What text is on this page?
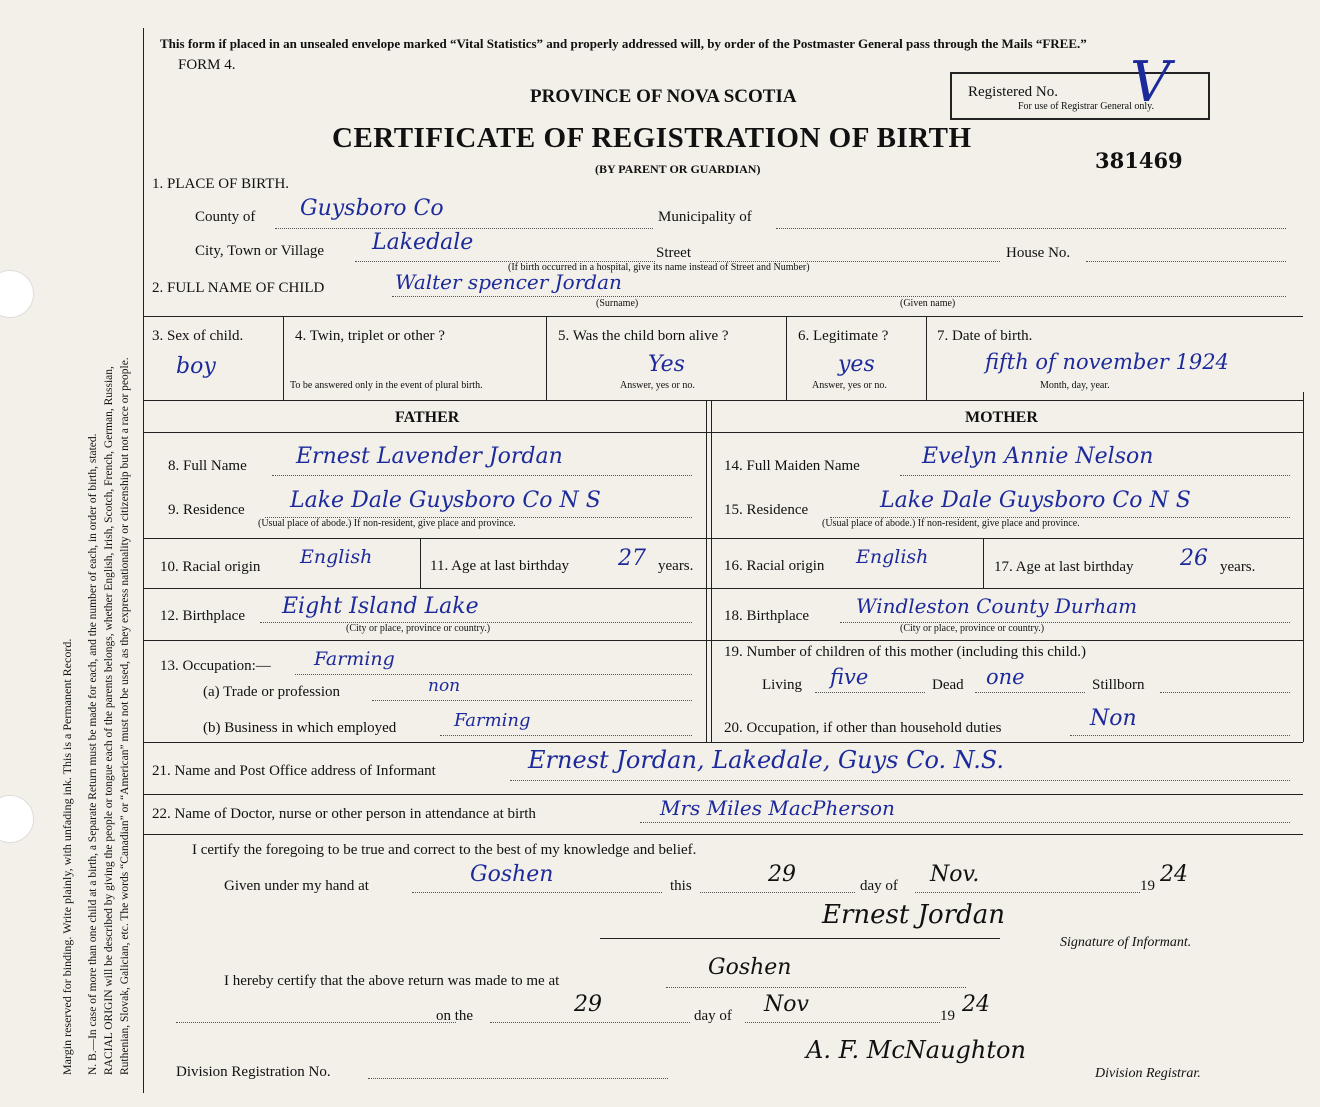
Margin reserved for binding. Write plainly, with unfading ink. This is a Permanent Record. N. B.—In case of more than one child at a birth, a Separate Return must be made for each, and the number of each, in order of birth, stated. RACIAL ORIGIN will be described by giving the people or tongue each of the parents belongs, whether English, Irish, Scotch, French, German, Russian, Ruthenian, Slovak, Galician, etc. The words “Canadian” or “American” must not be used, as they express nationality or citizenship but not a race or people.
This form if placed in an unsealed envelope marked “Vital Statistics” and properly addressed will, by order of the Postmaster General pass through the Mails “FREE.”
FORM 4.
PROVINCE OF NOVA SCOTIA
CERTIFICATE OF REGISTRATION OF BIRTH
(BY PARENT OR GUARDIAN)
Registered No.
For use of Registrar General only.
V
381469
1. PLACE OF BIRTH.
County of Guysboro Co	Municipality of
City, Town or Village Lakedale	Street	House No.
(If birth occurred in a hospital, give its name instead of Street and Number)
2. FULL NAME OF CHILD	Walter spencer Jordan
(Surname)	(Given name)
3. Sex of child.
boy
4. Twin, triplet or other ?
To be answered only in the event of plural birth.
5. Was the child born alive ?
Yes
Answer, yes or no.
6. Legitimate ?
yes
Answer, yes or no.
7. Date of birth.
fifth of november 1924
Month, day, year.
FATHER	MOTHER
8. Full Name Ernest Lavender Jordan
9. Residence Lake Dale Guysboro Co N S
(Usual place of abode.) If non-resident, give place and province.
10. Racial origin English	11. Age at last birthday 27 years.
12. Birthplace Eight Island Lake
(City or place, province or country.)
13. Occupation:— Farming
(a) Trade or profession	non
(b) Business in which employed	Farming
14. Full Maiden Name	Evelyn Annie Nelson
15. Residence	Lake Dale Guysboro Co N S
(Usual place of abode.) If non-resident, give place and province.
16. Racial origin English	17. Age at last birthday 26 years.
18. Birthplace Windleston County Durham
(City or place, province or country.)
19. Number of children of this mother (including this child.)
Living five	Dead one	Stillborn
20. Occupation, if other than household duties	Non
21. Name and Post Office address of Informant	Ernest Jordan, Lakedale, Guys Co. N.S.
22. Name of Doctor, nurse or other person in attendance at birth	Mrs Miles MacPherson
I certify the foregoing to be true and correct to the best of my knowledge and belief.
Given under my hand at	Goshen	this	29	day of Nov.	19 24
Ernest Jordan
Signature of Informant.
I hereby certify that the above return was made to me at
Goshen
on the	29	day of Nov	19 24
Division Registration No.
A. F. McNaughton
Division Registrar.
